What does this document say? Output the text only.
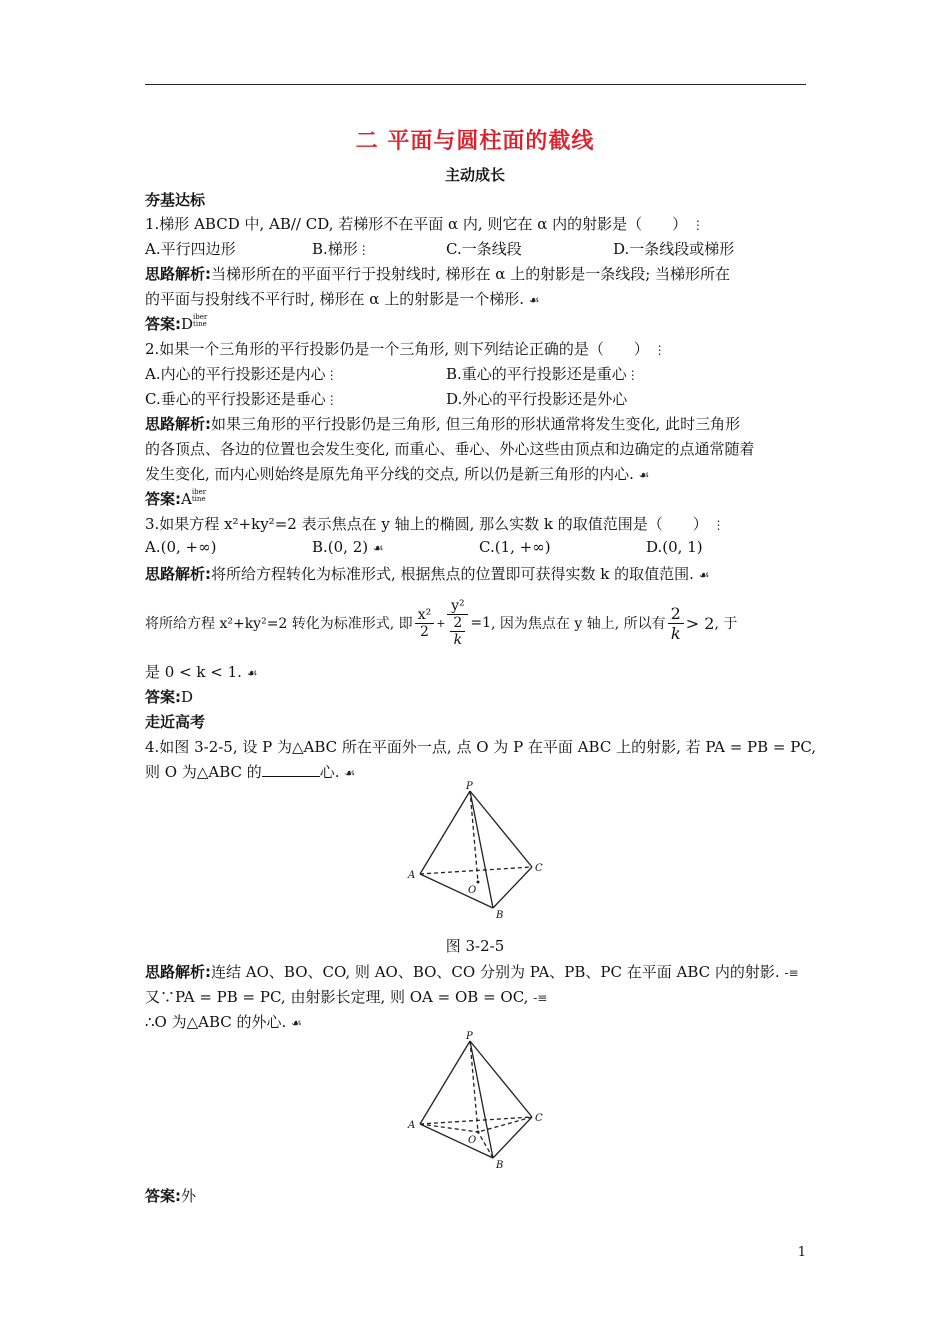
二 平面与圆柱面的截线
主动成长
夯基达标
1.梯形 ABCD 中, AB// CD, 若梯形不在平面 α 内, 则它在 α 内的射影是（　　） ⋮
A.平行四边形	B.梯形⋮	C.一条线段	D.一条线段或梯形
思路解析:当梯形所在的平面平行于投射线时, 梯形在 α 上的射影是一条线段; 当梯形所在
的平面与投射线不平行时, 梯形在 α 上的射影是一个梯形. ☙
答案:Diber
tine
2.如果一个三角形的平行投影仍是一个三角形, 则下列结论正确的是（　　） ⋮
A.内心的平行投影还是内心⋮	B.重心的平行投影还是重心⋮
C.垂心的平行投影还是垂心⋮	D.外心的平行投影还是外心
思路解析:如果三角形的平行投影仍是三角形, 但三角形的形状通常将发生变化, 此时三角形
的各顶点、各边的位置也会发生变化, 而重心、垂心、外心这些由顶点和边确定的点通常随着
发生变化, 而内心则始终是原先角平分线的交点, 所以仍是新三角形的内心. ☙
答案:Aiber
tine
3.如果方程 x²+ky²=2 表示焦点在 y 轴上的椭圆, 那么实数 k 的取值范围是（　　） ⋮
A.(0, +∞)	B.(0, 2) ☙	C.(1, +∞)	D.(0, 1)
思路解析:将所给方程转化为标准形式, 根据焦点的位置即可获得实数 k 的取值范围. ☙
将所给方程 x²+ky²=2 转化为标准形式, 即 $\frac{\text{x²}}{2} + \frac{\text{y²}}{\frac{2}{k}} =1$ , 因为焦点在 y 轴上, 所以有 $\frac{2}{k} > 2$ , 于
是 0 < k < 1. ☙
答案:D
走近高考
4.如图 3-2-5, 设 P 为△ABC 所在平面外一点, 点 O 为 P 在平面 ABC 上的射影, 若 PA = PB = PC,
则 O 为△ABC 的	心. ☙
P
A
B
C
O
图 3-2-5
思路解析:连结 AO、BO、CO, 则 AO、BO、CO 分别为 PA、PB、PC 在平面 ABC 内的射影. -≡
又∵PA = PB = PC, 由射影长定理, 则 OA = OB = OC, -≡
∴O 为△ABC 的外心. ☙
P
A
B
C
O
答案:外
1
